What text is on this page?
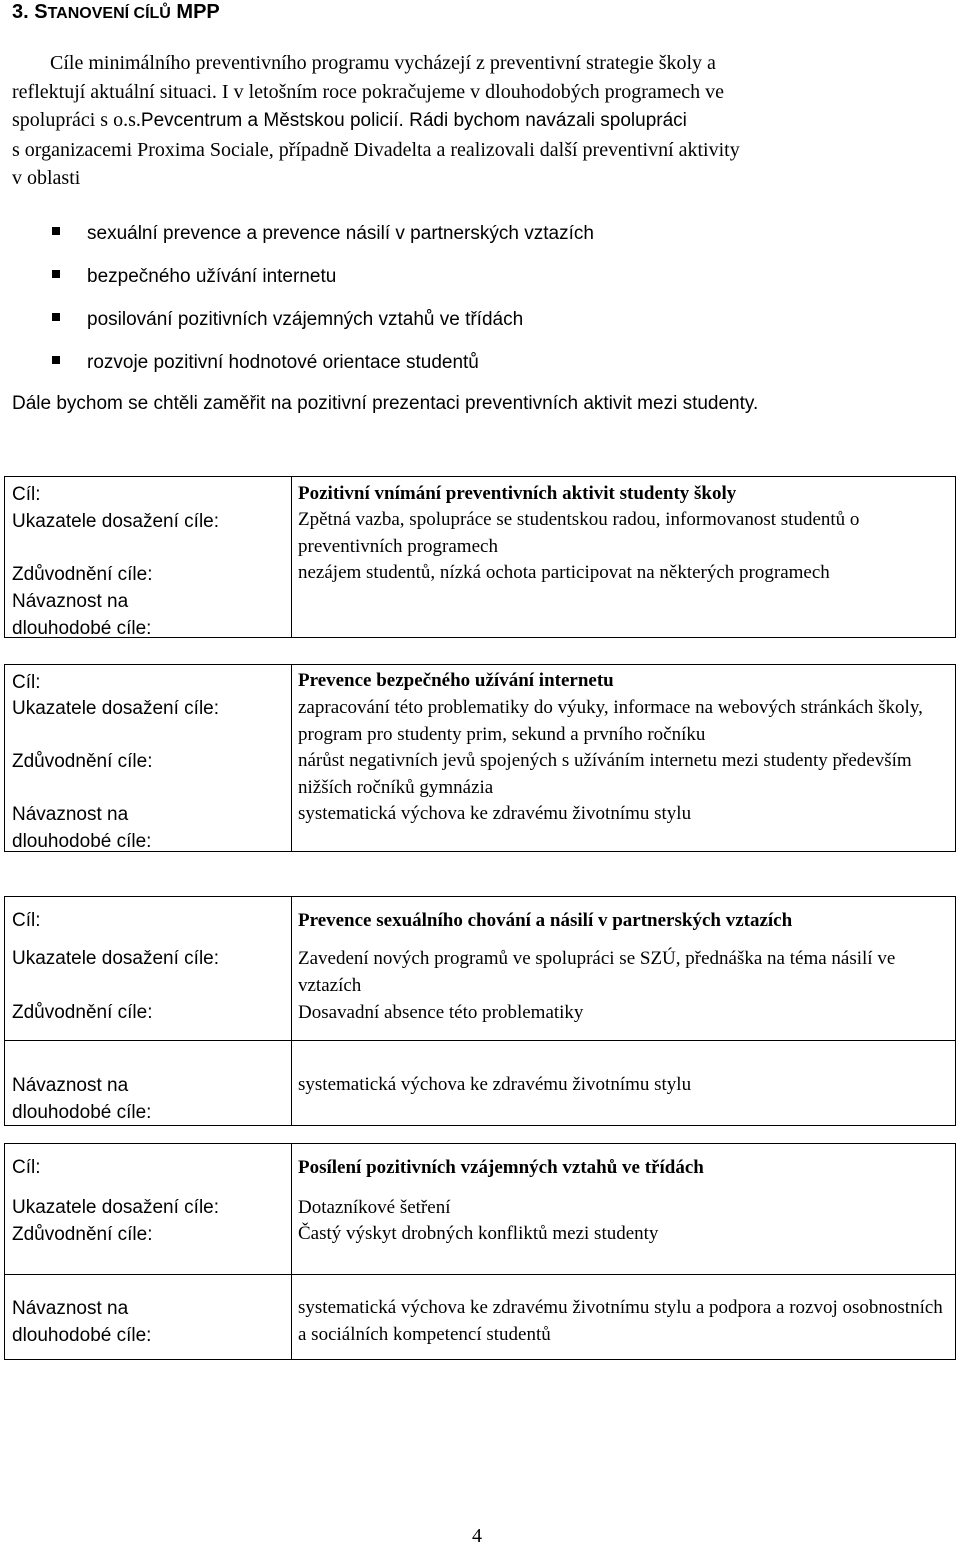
3. STANOVENÍ CÍLŮ MPP
Cíle minimálního preventivního programu vycházejí z preventivní strategie školy a
reflektují aktuální situaci. I v letošním roce pokračujeme v dlouhodobých programech ve
spolupráci s o.s.Pevcentrum a Městskou policií. Rádi bychom navázali spolupráci
s organizacemi Proxima Sociale, případně Divadelta a realizovali další preventivní aktivity
v oblasti
sexuální prevence a prevence násilí v partnerských vztazích
bezpečného užívání internetu
posilování pozitivních vzájemných vztahů ve třídách
rozvoje pozitivní hodnotové orientace studentů
Dále bychom se chtěli zaměřit na pozitivní prezentaci preventivních aktivit mezi studenty.
Cíl:
Ukazatele dosažení cíle:
Zdůvodnění cíle:
Návaznost na
dlouhodobé cíle:
Pozitivní vnímání preventivních aktivit studenty školy
Zpětná vazba, spolupráce se studentskou radou, informovanost studentů o preventivních programech
nezájem studentů, nízká ochota participovat na některých programech
Cíl:
Ukazatele dosažení cíle:
Zdůvodnění cíle:
Návaznost na
dlouhodobé cíle:
Prevence bezpečného užívání internetu
zapracování této problematiky do výuky, informace na webových stránkách školy, program pro studenty prim, sekund a prvního ročníku
nárůst negativních jevů spojených s užíváním internetu mezi studenty především nižších ročníků gymnázia
systematická výchova ke zdravému životnímu stylu
Cíl:
Ukazatele dosažení cíle:
Zdůvodnění cíle:
Návaznost na
dlouhodobé cíle:
Prevence sexuálního chování a násilí v partnerských vztazích
Zavedení nových programů ve spolupráci se SZÚ, přednáška na téma násilí ve vztazích
Dosavadní absence této problematiky
systematická výchova ke zdravému životnímu stylu
Cíl:
Ukazatele dosažení cíle:
Zdůvodnění cíle:
Návaznost na
dlouhodobé cíle:
Posílení pozitivních vzájemných vztahů ve třídách
Dotazníkové šetření
Častý výskyt drobných konfliktů mezi studenty
systematická výchova ke zdravému životnímu stylu a podpora a rozvoj osobnostních a sociálních kompetencí studentů
4
